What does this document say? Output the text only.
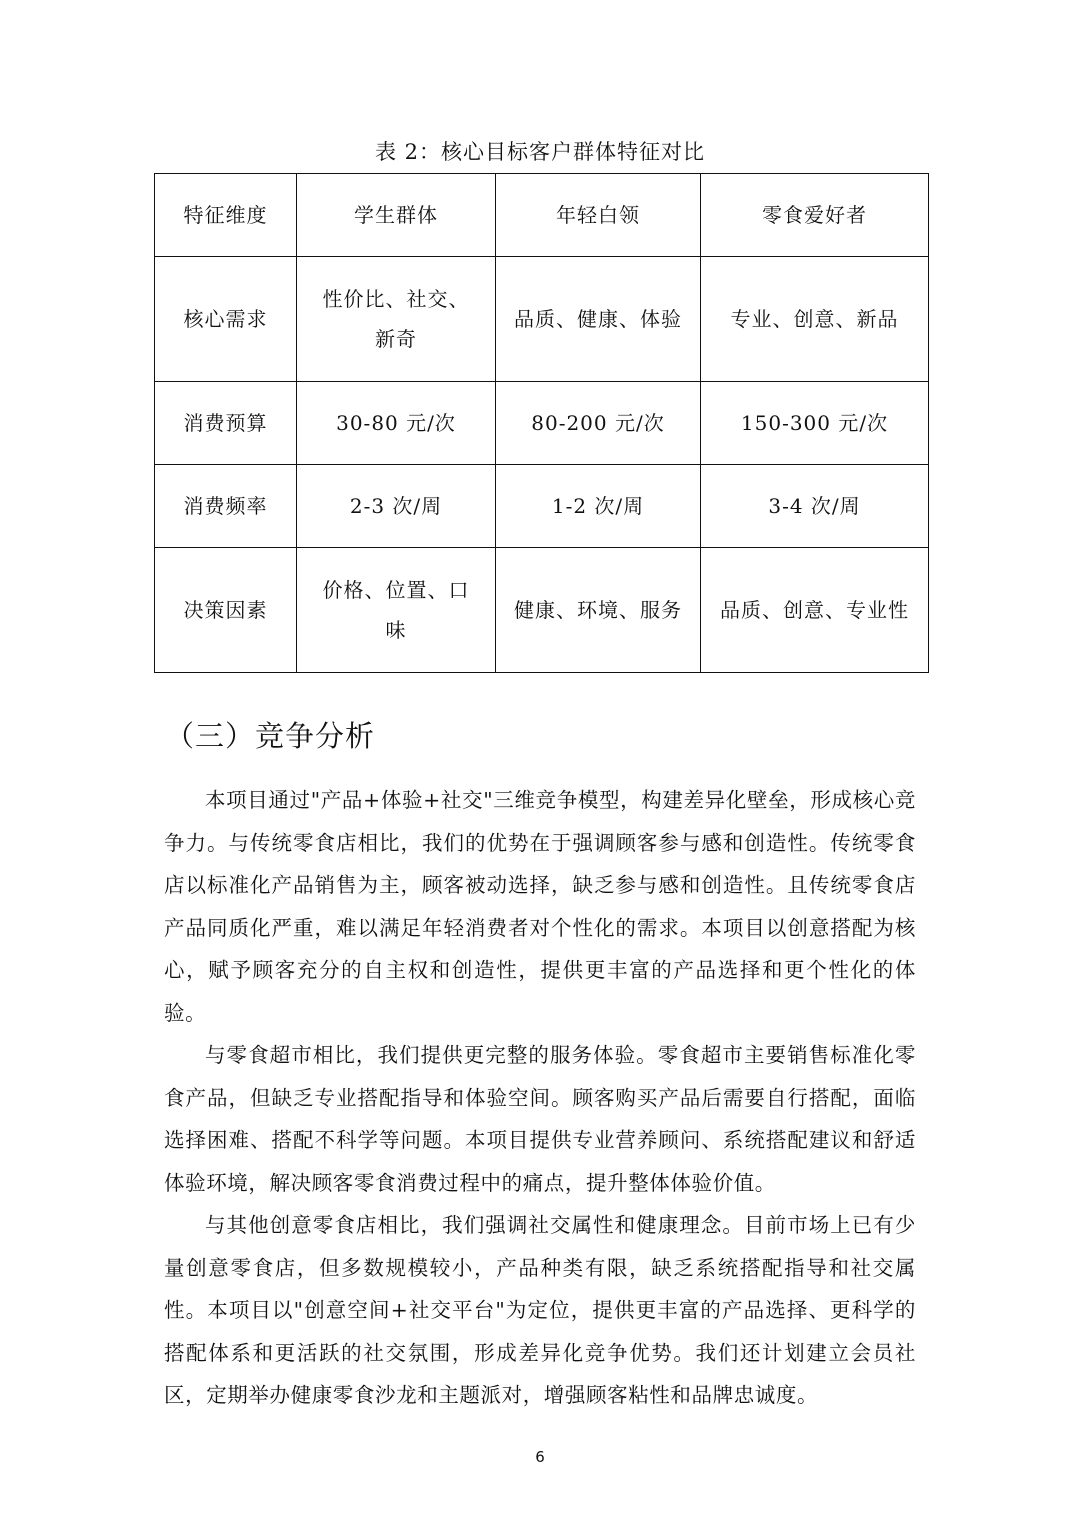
表 2：核心目标客户群体特征对比
特征维度	学生群体	年轻白领	零食爱好者
核心需求	性价比、社交、新奇	品质、健康、体验	专业、创意、新品
消费预算	30-80 元/次	80-200 元/次	150-300 元/次
消费频率	2-3 次/周	1-2 次/周	3-4 次/周
决策因素	价格、位置、口味	健康、环境、服务	品质、创意、专业性
（三）竞争分析

本项目通过"产品+体验+社交"三维竞争模型，构建差异化壁垒，形成核心竞争力。与传统零食店相比，我们的优势在于强调顾客参与感和创造性。传统零食店以标准化产品销售为主，顾客被动选择，缺乏参与感和创造性。且传统零食店产品同质化严重，难以满足年轻消费者对个性化的需求。本项目以创意搭配为核心，赋予顾客充分的自主权和创造性，提供更丰富的产品选择和更个性化的体验。

与零食超市相比，我们提供更完整的服务体验。零食超市主要销售标准化零食产品，但缺乏专业搭配指导和体验空间。顾客购买产品后需要自行搭配，面临选择困难、搭配不科学等问题。本项目提供专业营养顾问、系统搭配建议和舒适体验环境，解决顾客零食消费过程中的痛点，提升整体体验价值。

与其他创意零食店相比，我们强调社交属性和健康理念。目前市场上已有少量创意零食店，但多数规模较小，产品种类有限，缺乏系统搭配指导和社交属性。本项目以"创意空间+社交平台"为定位，提供更丰富的产品选择、更科学的搭配体系和更活跃的社交氛围，形成差异化竞争优势。我们还计划建立会员社区，定期举办健康零食沙龙和主题派对，增强顾客粘性和品牌忠诚度。

6
